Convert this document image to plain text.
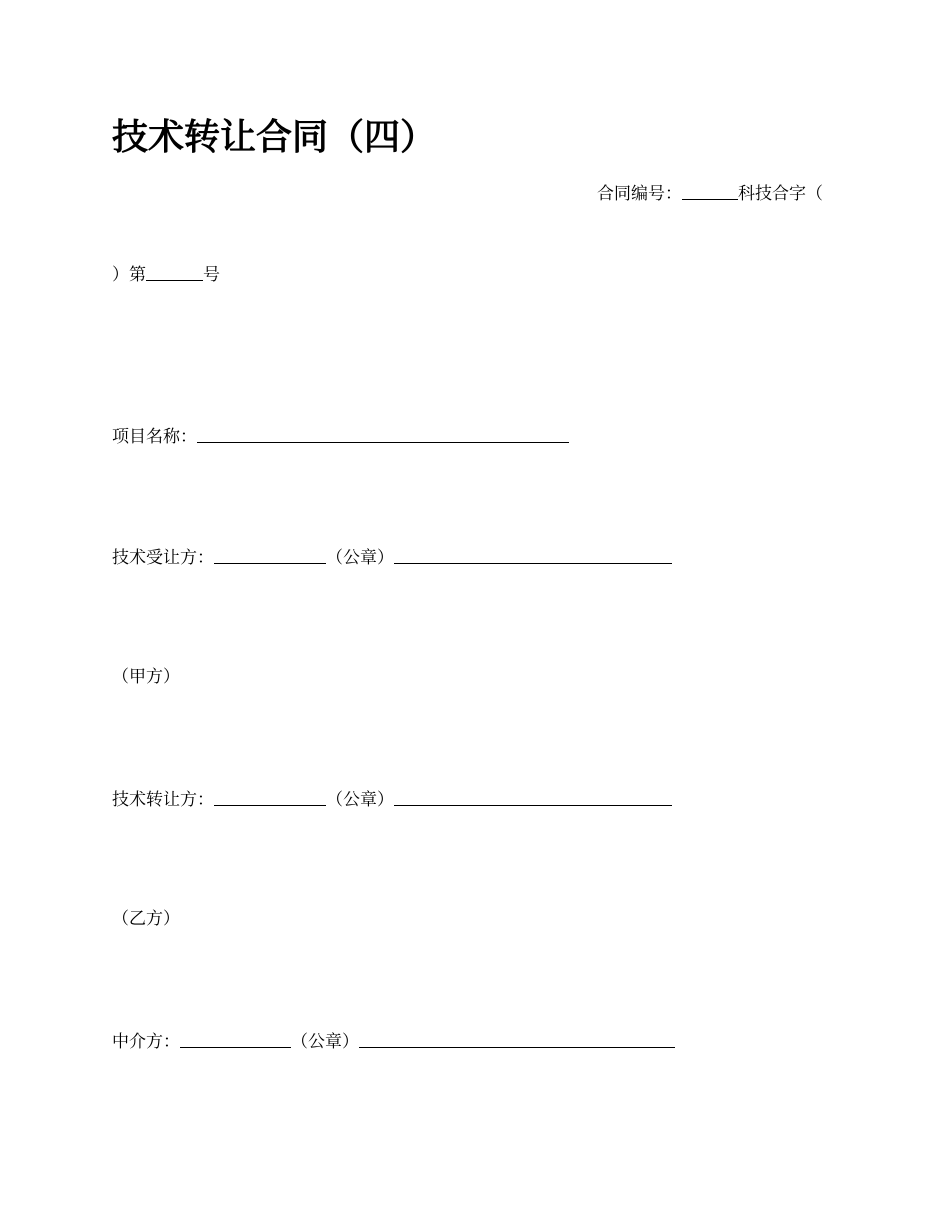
技术转让合同（四）
合同编号：	科技合字（
）第	号
项目名称：
技术受让方：	（公章）
（甲方）
技术转让方：	（公章）
（乙方）
中介方：	（公章）
